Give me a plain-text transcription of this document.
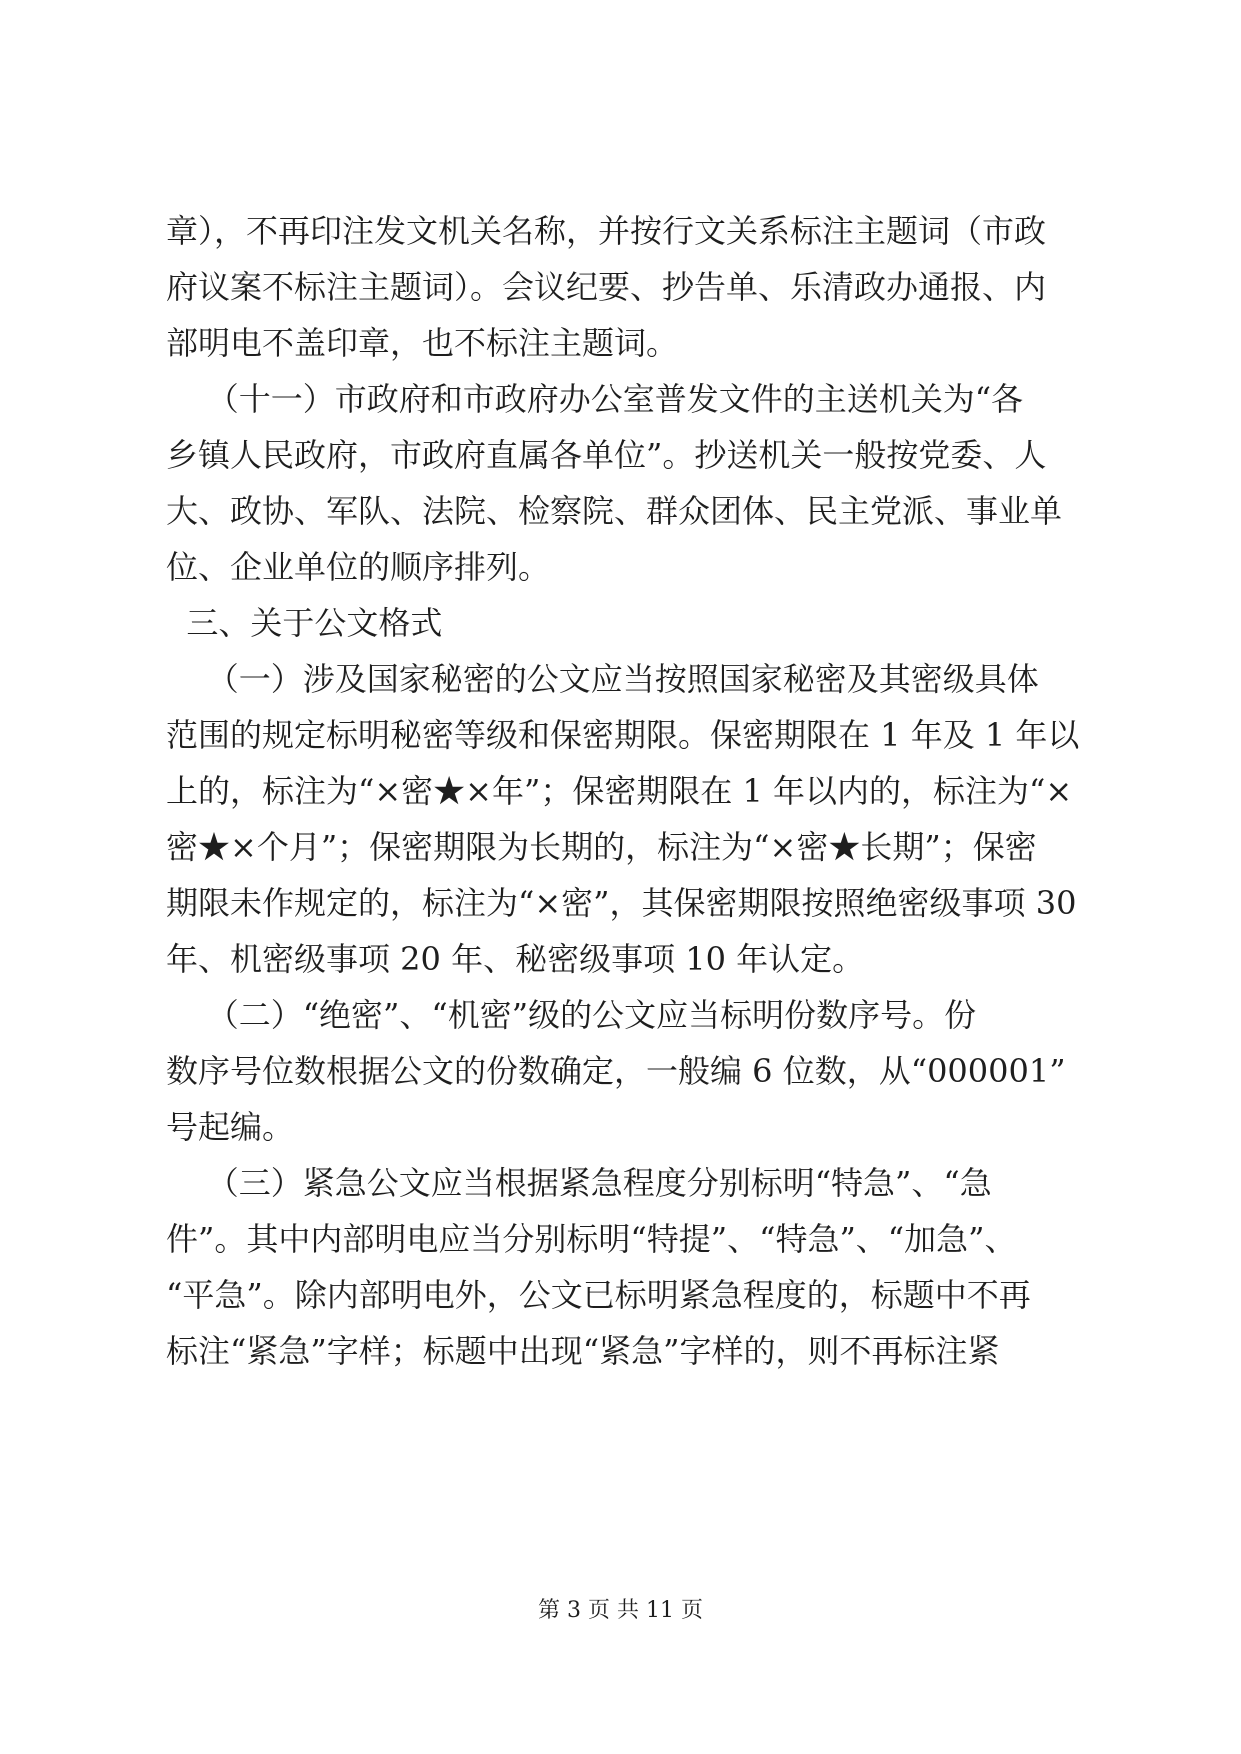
章），不再印注发文机关名称，并按行文关系标注主题词（市政
府议案不标注主题词）。会议纪要、抄告单、乐清政办通报、内
部明电不盖印章，也不标注主题词。
（十一）市政府和市政府办公室普发文件的主送机关为“各
乡镇人民政府，市政府直属各单位”。抄送机关一般按党委、人
大、政协、军队、法院、检察院、群众团体、民主党派、事业单
位、企业单位的顺序排列。
三、关于公文格式
（一）涉及国家秘密的公文应当按照国家秘密及其密级具体
范围的规定标明秘密等级和保密期限。保密期限在 1 年及 1 年以
上的，标注为“×密★×年”；保密期限在 1 年以内的，标注为“×
密★×个月”；保密期限为长期的，标注为“×密★长期”；保密
期限未作规定的，标注为“×密”，其保密期限按照绝密级事项 30
年、机密级事项 20 年、秘密级事项 10 年认定。
（二）“绝密”、“机密”级的公文应当标明份数序号。份
数序号位数根据公文的份数确定，一般编 6 位数，从“000001”
号起编。
（三）紧急公文应当根据紧急程度分别标明“特急”、“急
件”。其中内部明电应当分别标明“特提”、“特急”、“加急”、
“平急”。除内部明电外，公文已标明紧急程度的，标题中不再
标注“紧急”字样；标题中出现“紧急”字样的，则不再标注紧
第 3 页 共 11 页
